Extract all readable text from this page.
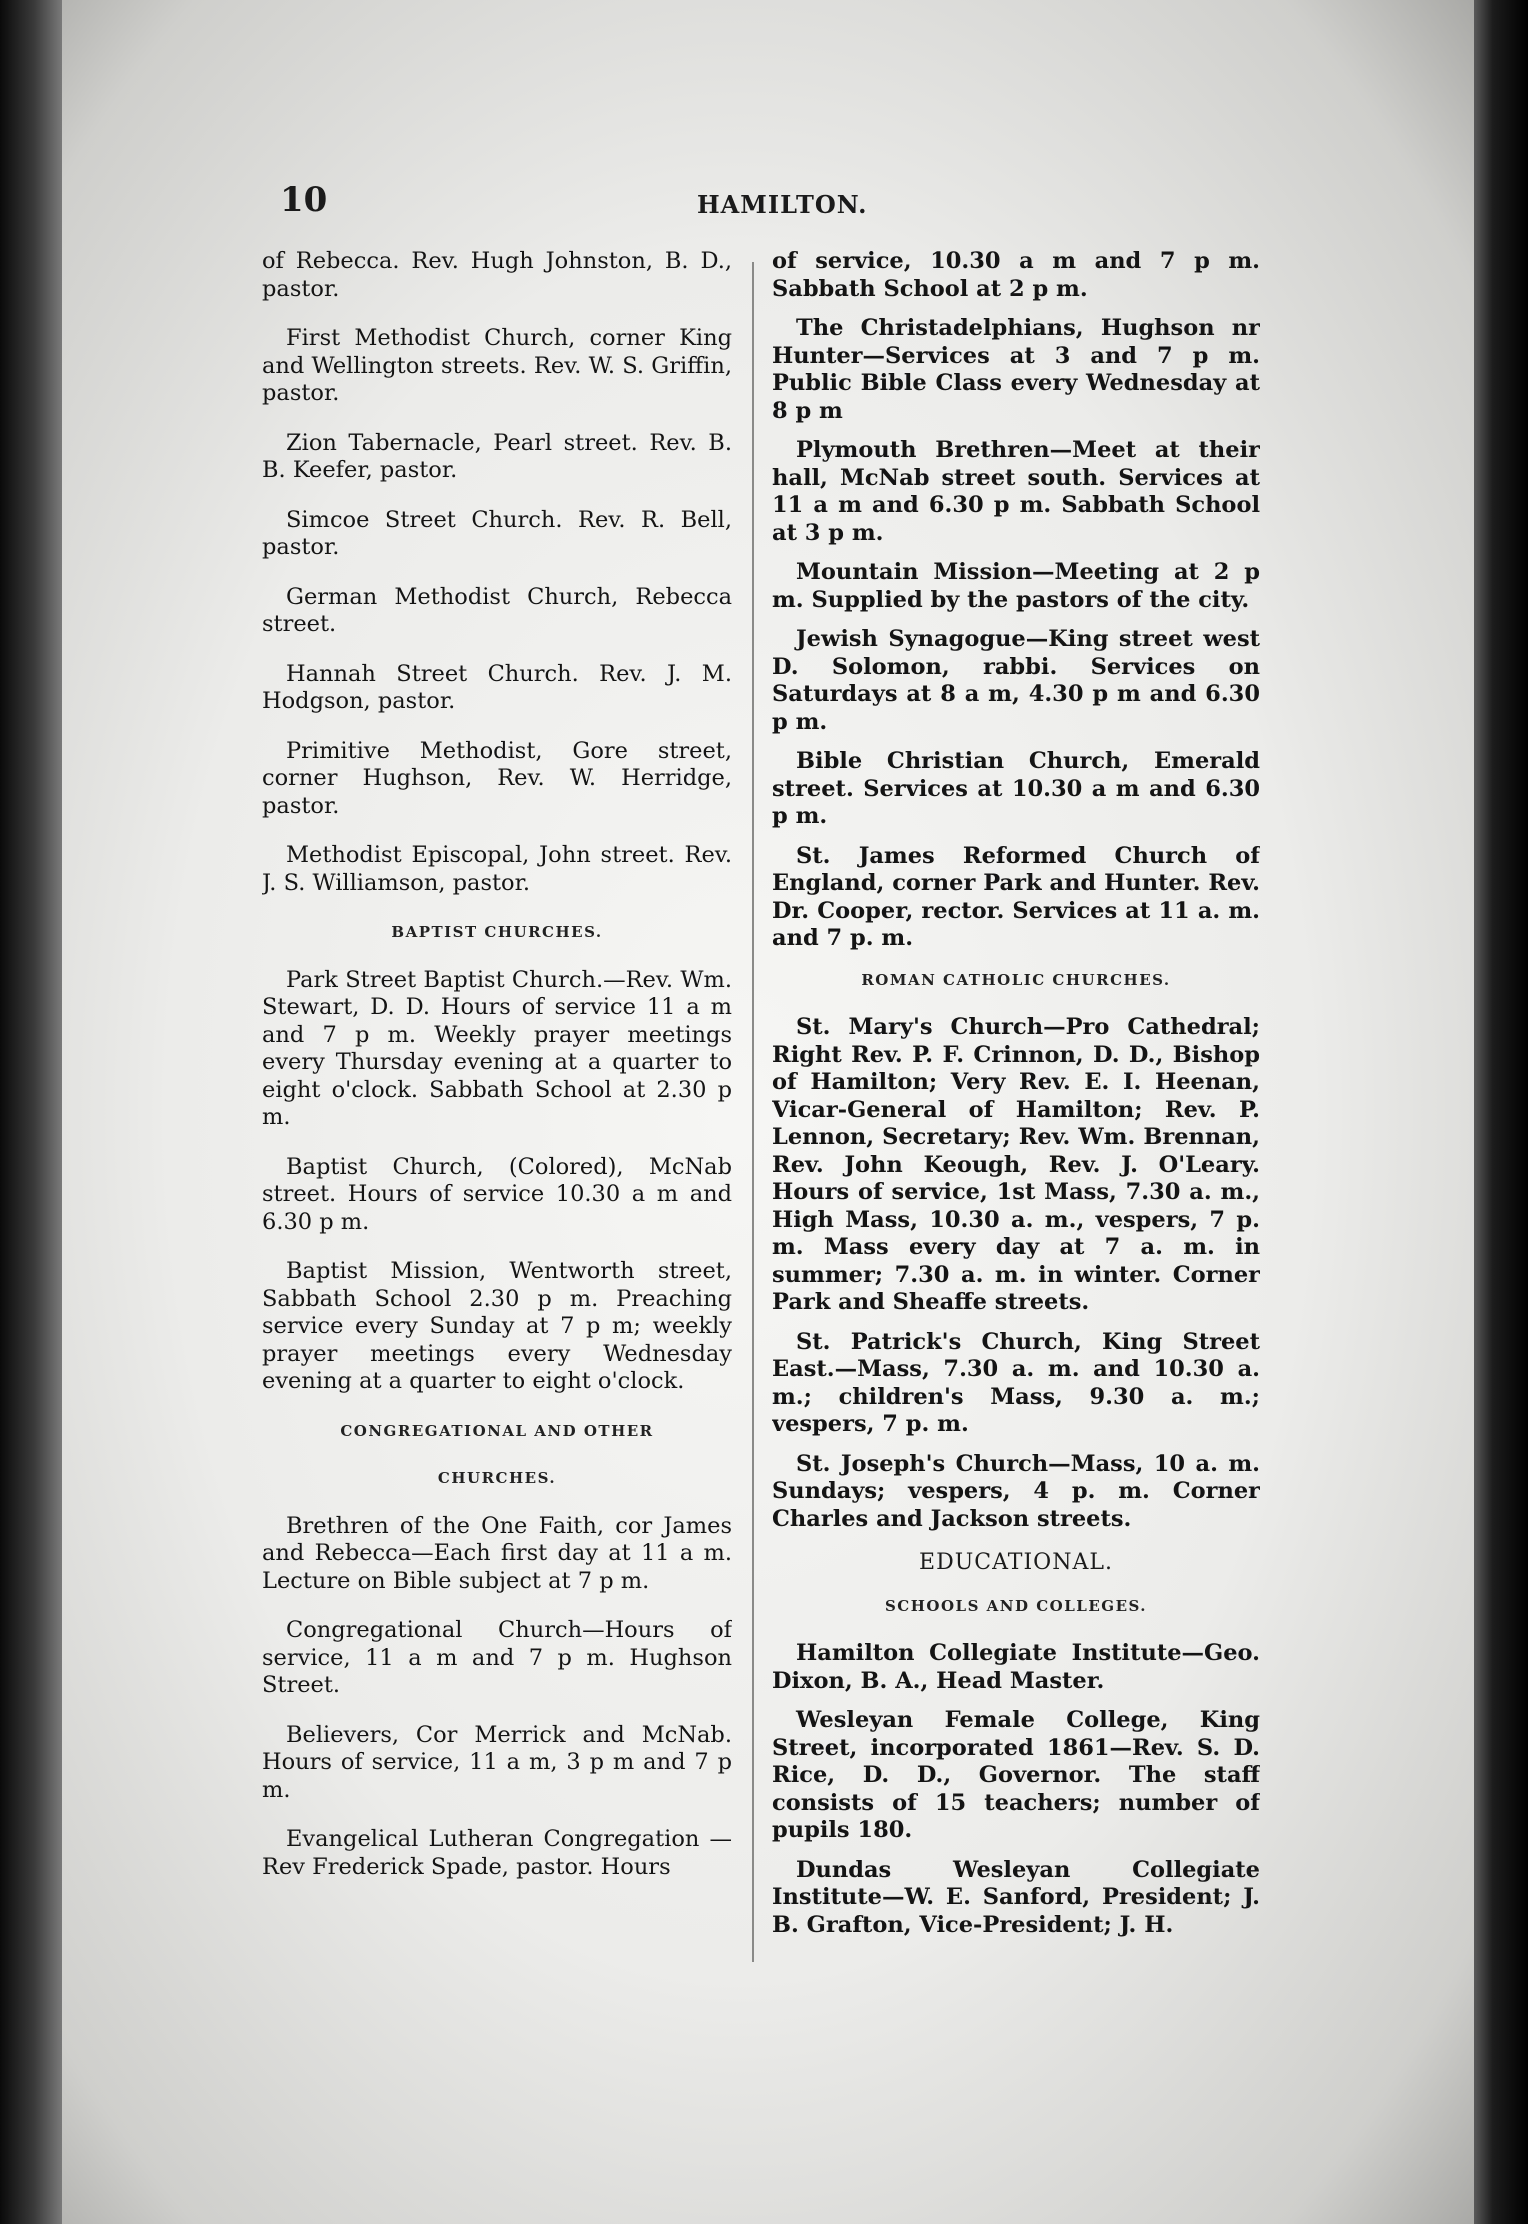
10	HAMILTON.

of Rebecca. Rev. Hugh Johnston, B. D., pastor.

First Methodist Church, corner King and Wellington streets. Rev. W. S. Griffin, pastor.

Zion Tabernacle, Pearl street. Rev. B. B. Keefer, pastor.

Simcoe Street Church. Rev. R. Bell, pastor.

German Methodist Church, Rebecca street.

Hannah Street Church. Rev. J. M. Hodgson, pastor.

Primitive Methodist, Gore street, corner Hughson, Rev. W. Herridge, pastor.

Methodist Episcopal, John street. Rev. J. S. Williamson, pastor.

BAPTIST CHURCHES.

Park Street Baptist Church.—Rev. Wm. Stewart, D. D. Hours of service 11 a m and 7 p m. Weekly prayer meetings every Thursday evening at a quarter to eight o'clock. Sabbath School at 2.30 p m.

Baptist Church, (Colored), McNab street. Hours of service 10.30 a m and 6.30 p m.

Baptist Mission, Wentworth street, Sabbath School 2.30 p m. Preaching service every Sunday at 7 p m; weekly prayer meetings every Wednesday evening at a quarter to eight o'clock.

CONGREGATIONAL AND OTHER
CHURCHES.

Brethren of the One Faith, cor James and Rebecca—Each first day at 11 a m. Lecture on Bible subject at 7 p m.

Congregational Church—Hours of service, 11 a m and 7 p m. Hughson Street.

Believers, Cor Merrick and McNab. Hours of service, 11 a m, 3 p m and 7 p m.

Evangelical Lutheran Congregation —Rev Frederick Spade, pastor. Hours

of service, 10.30 a m and 7 p m. Sabbath School at 2 p m.

The Christadelphians, Hughson nr Hunter—Services at 3 and 7 p m. Public Bible Class every Wednesday at 8 p m

Plymouth Brethren—Meet at their hall, McNab street south. Services at 11 a m and 6.30 p m. Sabbath School at 3 p m.

Mountain Mission—Meeting at 2 p m. Supplied by the pastors of the city.

Jewish Synagogue—King street west D. Solomon, rabbi. Services on Saturdays at 8 a m, 4.30 p m and 6.30 p m.

Bible Christian Church, Emerald street. Services at 10.30 a m and 6.30 p m.

St. James Reformed Church of England, corner Park and Hunter. Rev. Dr. Cooper, rector. Services at 11 a. m. and 7 p. m.

ROMAN CATHOLIC CHURCHES.

St. Mary's Church—Pro Cathedral; Right Rev. P. F. Crinnon, D. D., Bishop of Hamilton; Very Rev. E. I. Heenan, Vicar-General of Hamilton; Rev. P. Lennon, Secretary; Rev. Wm. Brennan, Rev. John Keough, Rev. J. O'Leary. Hours of service, 1st Mass, 7.30 a. m., High Mass, 10.30 a. m., vespers, 7 p. m. Mass every day at 7 a. m. in summer; 7.30 a. m. in winter. Corner Park and Sheaffe streets.

St. Patrick's Church, King Street East.—Mass, 7.30 a. m. and 10.30 a. m.; children's Mass, 9.30 a. m.; vespers, 7 p. m.

St. Joseph's Church—Mass, 10 a. m. Sundays; vespers, 4 p. m. Corner Charles and Jackson streets.

EDUCATIONAL.
SCHOOLS AND COLLEGES.

Hamilton Collegiate Institute—Geo. Dixon, B. A., Head Master.

Wesleyan Female College, King Street, incorporated 1861—Rev. S. D. Rice, D. D., Governor. The staff consists of 15 teachers; number of pupils 180.

Dundas Wesleyan Collegiate Institute—W. E. Sanford, President; J. B. Grafton, Vice-President; J. H.
